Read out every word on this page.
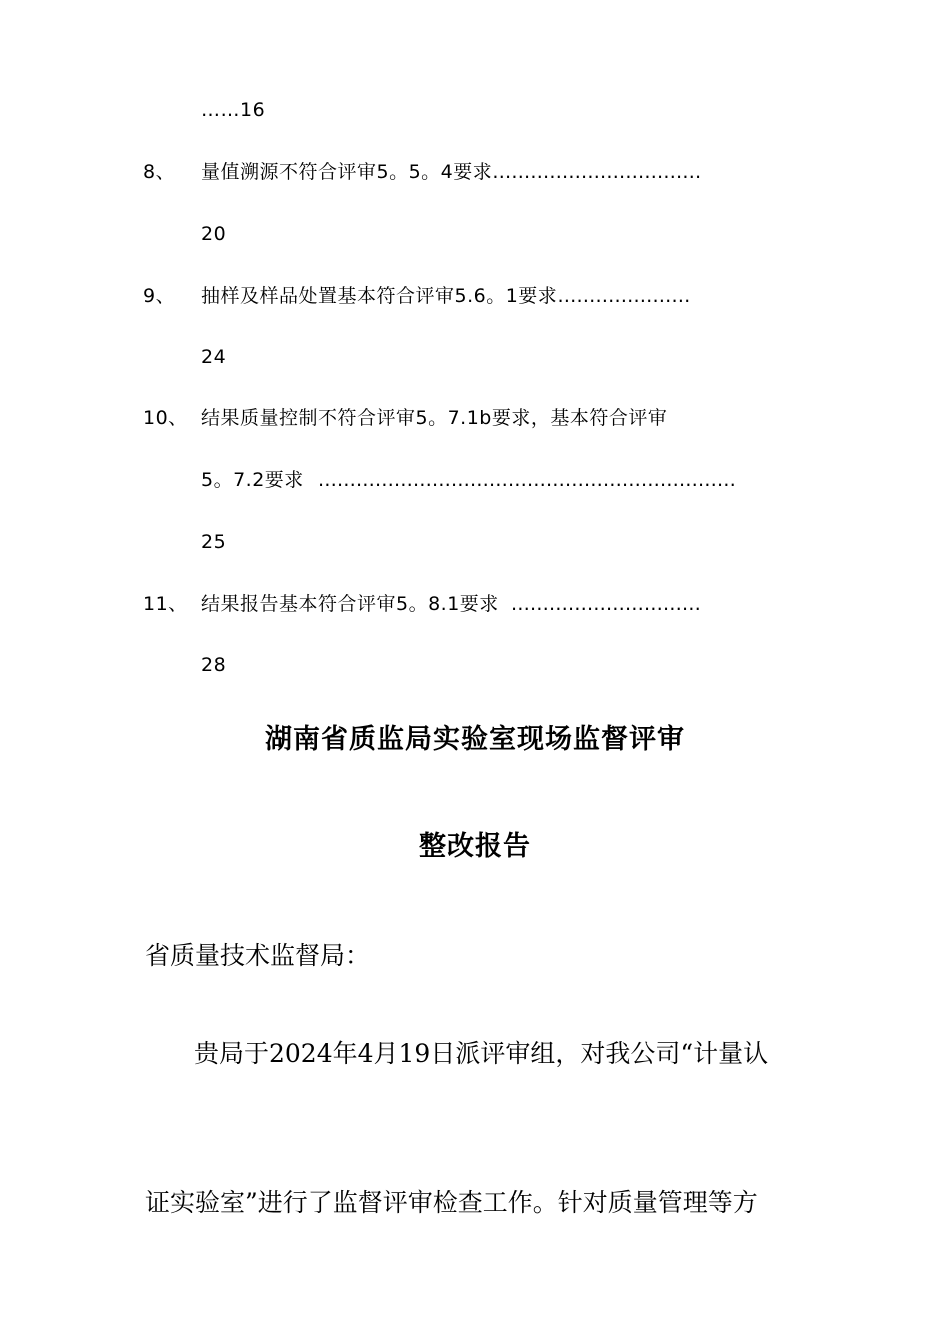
……16
8、 量值溯源不符合评审5。5。4要求……………………………
20
9、 抽样及样品处置基本符合评审5.6。1要求…………………
24
10、 结果质量控制不符合评审5。7.1b要求，基本符合评审
5。7.2要求 …………………………………………………………
25
11、 结果报告基本符合评审5。8.1要求 …………………………
28
湖南省质监局实验室现场监督评审
整改报告
省质量技术监督局：
贵局于2024年4月19日派评审组，对我公司“计量认
证实验室”进行了监督评审检查工作。针对质量管理等方
